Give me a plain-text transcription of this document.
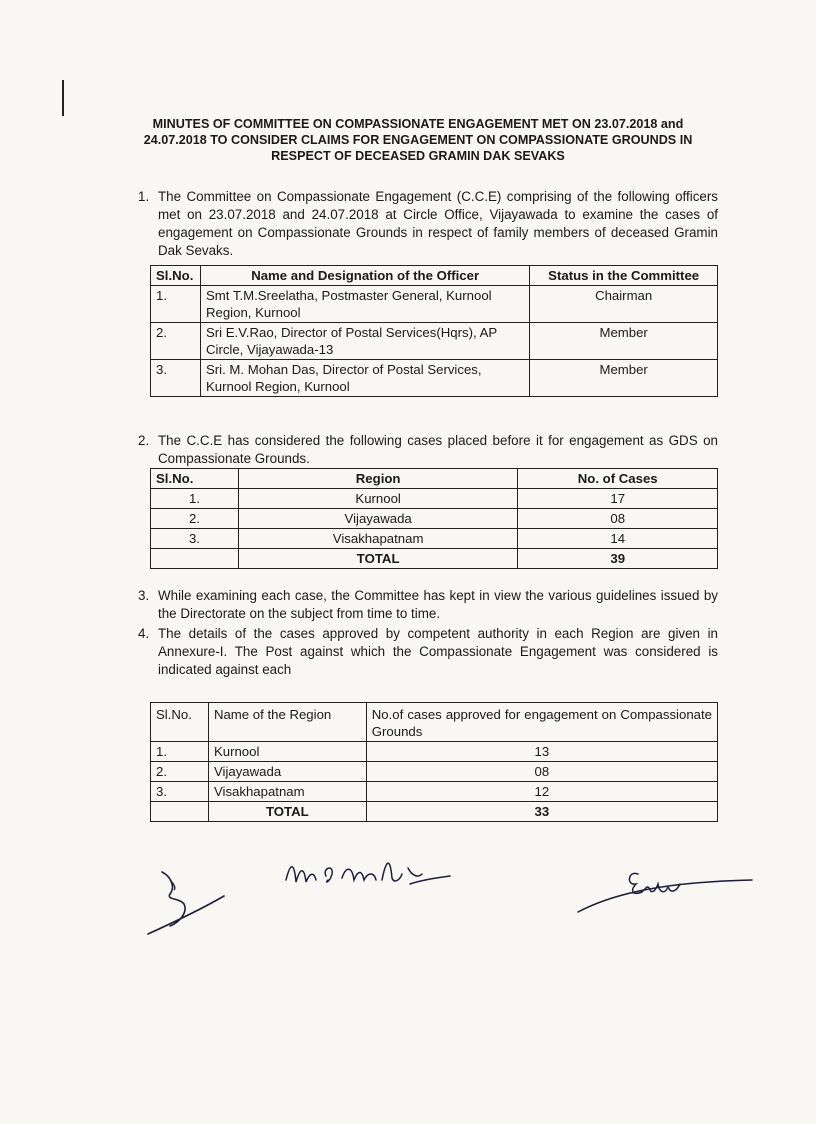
MINUTES OF COMMITTEE ON COMPASSIONATE ENGAGEMENT MET ON 23.07.2018 and
24.07.2018 TO CONSIDER CLAIMS FOR ENGAGEMENT ON COMPASSIONATE GROUNDS IN
RESPECT OF DECEASED GRAMIN DAK SEVAKS
1. The Committee on Compassionate Engagement (C.C.E) comprising of the following officers met on 23.07.2018 and 24.07.2018 at Circle Office, Vijayawada to examine the cases of engagement on Compassionate Grounds in respect of family members of deceased Gramin Dak Sevaks.
Sl.No.	Name and Designation of the Officer	Status in the Committee
1.	Smt T.M.Sreelatha, Postmaster General, Kurnool Region, Kurnool	Chairman
2.	Sri E.V.Rao, Director of Postal Services(Hqrs), AP Circle, Vijayawada-13	Member
3.	Sri. M. Mohan Das, Director of Postal Services, Kurnool Region, Kurnool	Member
2. The C.C.E has considered the following cases placed before it for engagement as GDS on Compassionate Grounds.
Sl.No.	Region	No. of Cases
1.	Kurnool	17
2.	Vijayawada	08
3.	Visakhapatnam	14
	TOTAL	39
3. While examining each case, the Committee has kept in view the various guidelines issued by the Directorate on the subject from time to time.
4. The details of the cases approved by competent authority in each Region are given in Annexure-I. The Post against which the Compassionate Engagement was considered is indicated against each
Sl.No.	Name of the Region	No.of cases approved for engagement on Compassionate Grounds
1.	Kurnool	13
2.	Vijayawada	08
3.	Visakhapatnam	12
	TOTAL	33
